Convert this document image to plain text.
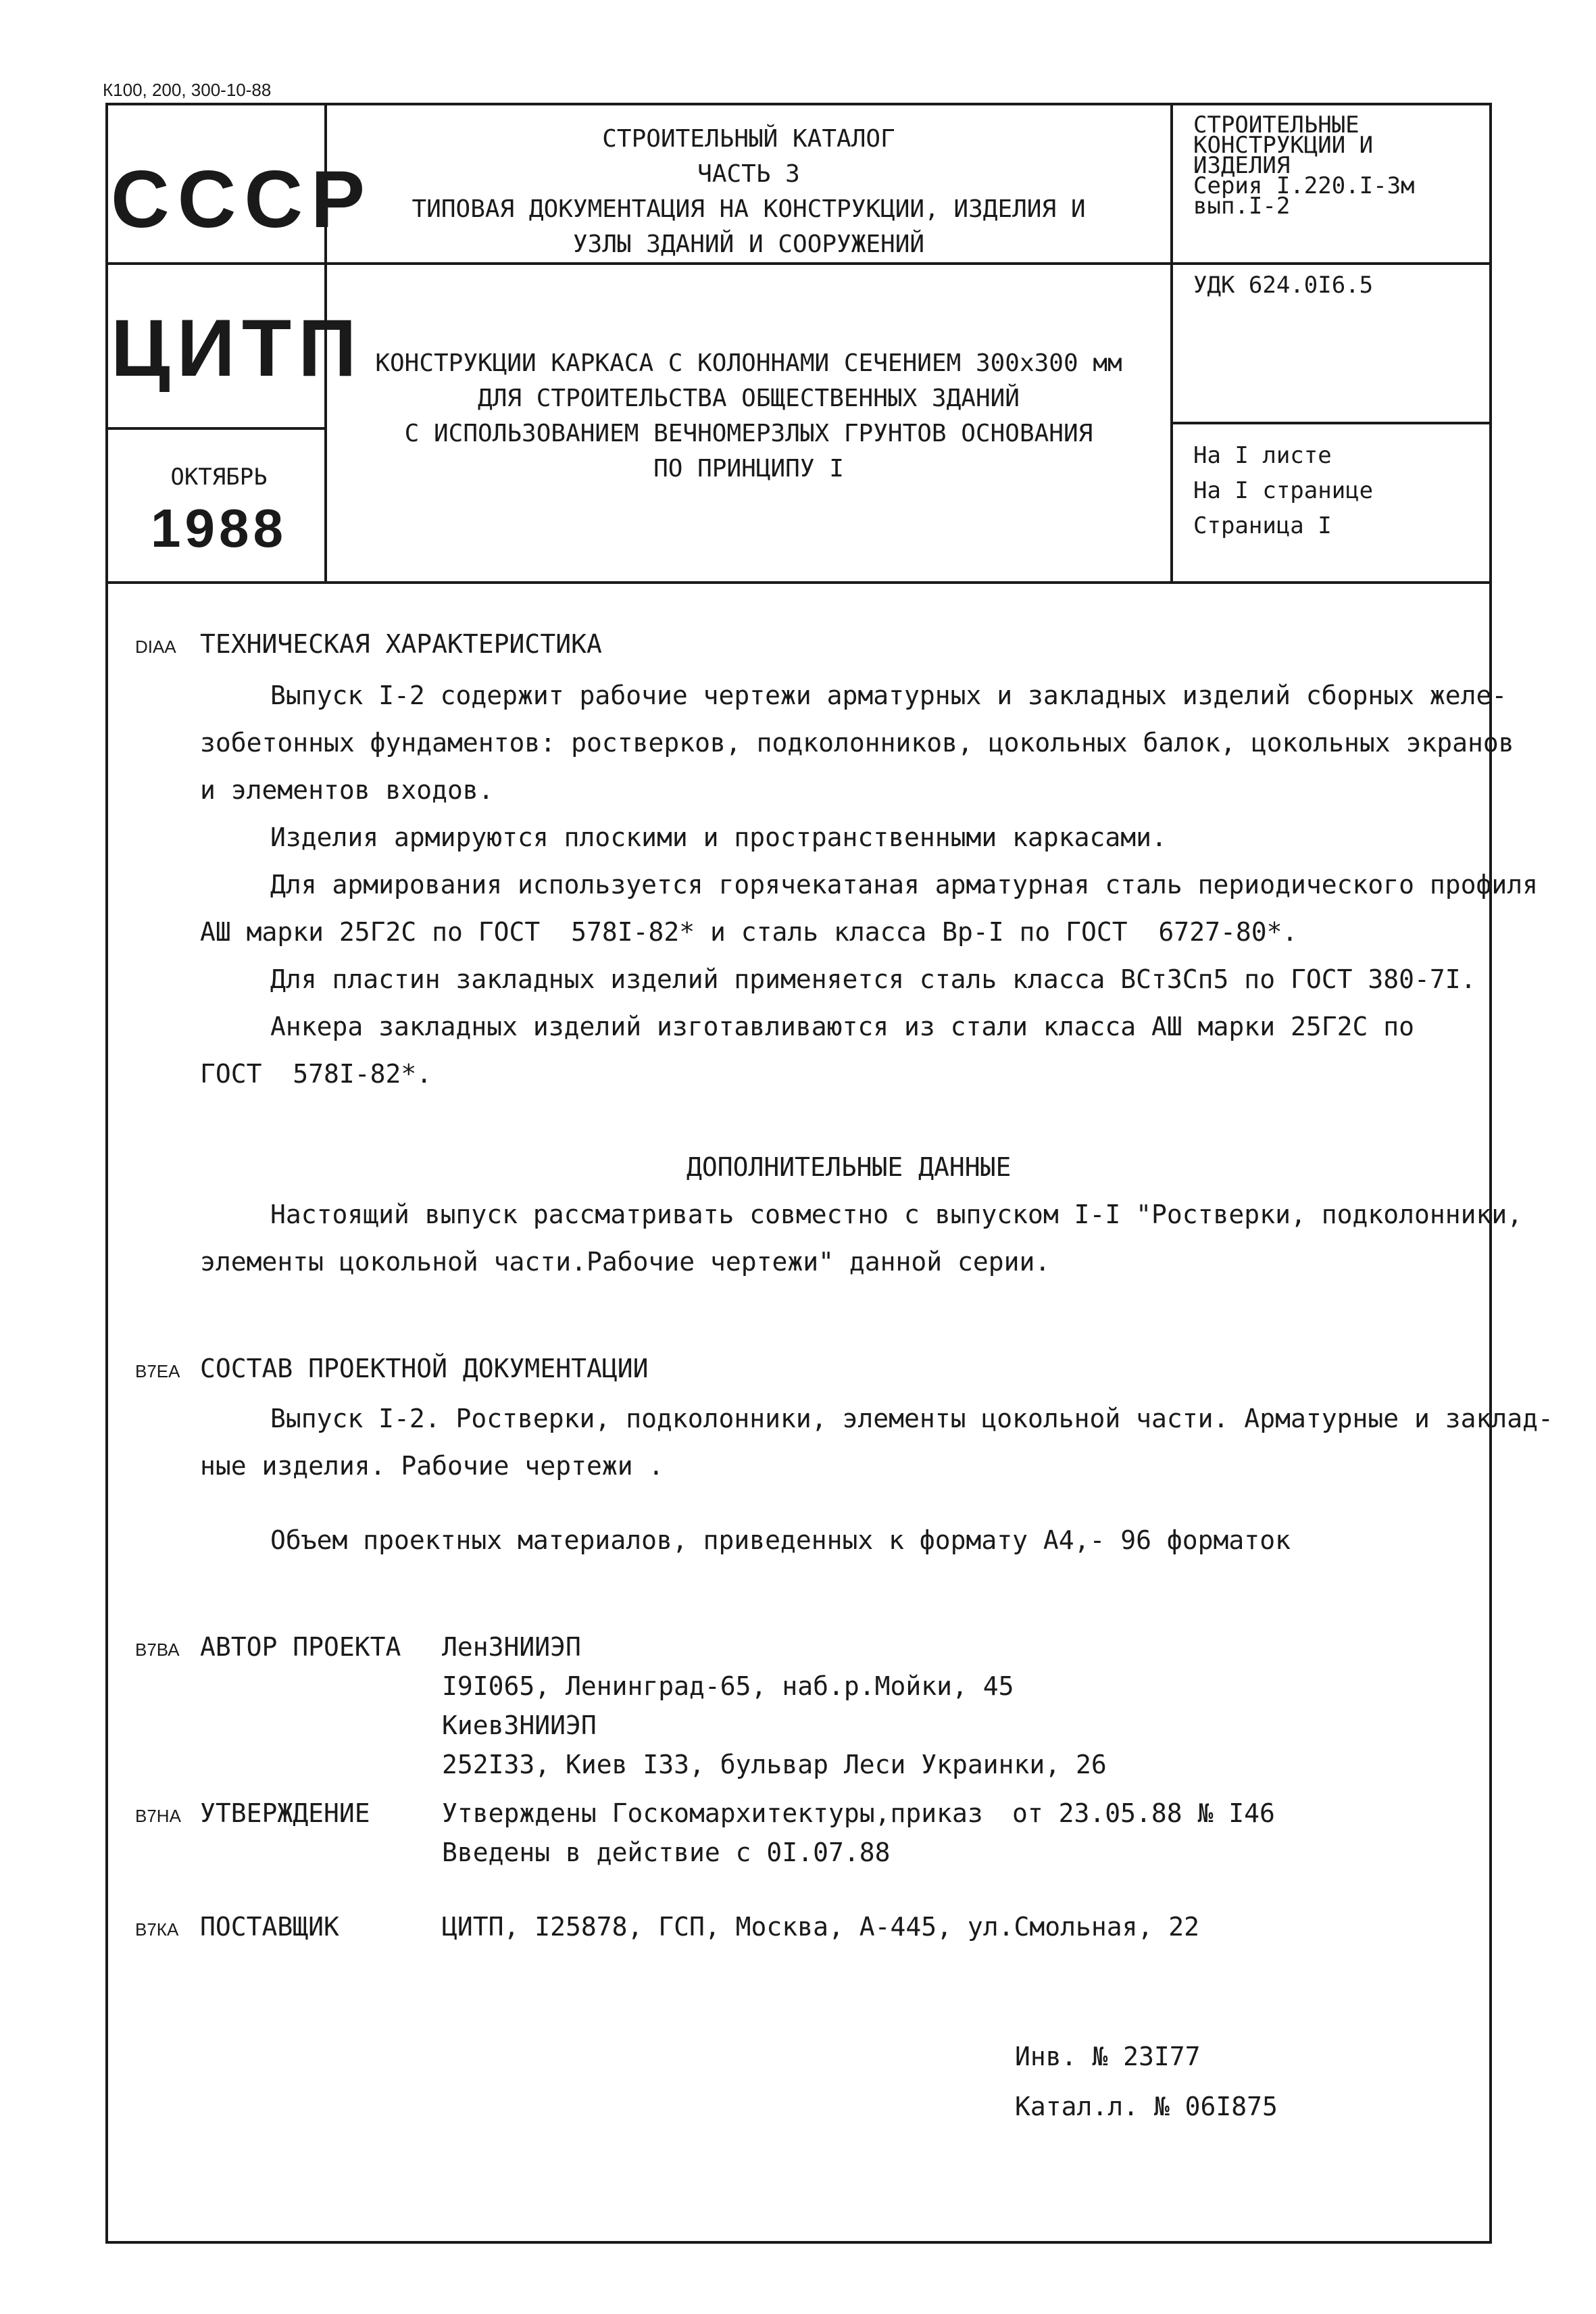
К100, 200, 300-10-88
СССР
ЦИТП
ОКТЯБРЬ
1988
СТРОИТЕЛЬНЫЙ КАТАЛОГ
ЧАСТЬ 3
ТИПОВАЯ ДОКУМЕНТАЦИЯ НА КОНСТРУКЦИИ, ИЗДЕЛИЯ И
УЗЛЫ ЗДАНИЙ И СООРУЖЕНИЙ
КОНСТРУКЦИИ КАРКАСА С КОЛОННАМИ СЕЧЕНИЕМ 300х300 мм
ДЛЯ СТРОИТЕЛЬСТВА ОБЩЕСТВЕННЫХ ЗДАНИЙ
С ИСПОЛЬЗОВАНИЕМ ВЕЧНОМЕРЗЛЫХ ГРУНТОВ ОСНОВАНИЯ
ПО ПРИНЦИПУ I
СТРОИТЕЛЬНЫЕ
КОНСТРУКЦИИ И
ИЗДЕЛИЯ
Серия I.220.I-3м
вып.I-2
УДК 624.0I6.5
На I листе
На I странице
Страница I
DIAA ТЕХНИЧЕСКАЯ ХАРАКТЕРИСТИКА
Выпуск I-2 содержит рабочие чертежи арматурных и закладных изделий сборных желе-
зобетонных фундаментов: ростверков, подколонников, цокольных балок, цокольных экранов
и элементов входов.
Изделия армируются плоскими и пространственными каркасами.
Для армирования используется горячекатаная арматурная сталь периодического профиля
АШ марки 25Г2С по ГОСТ  578I-82* и сталь класса Вр-I по ГОСТ  6727-80*.
Для пластин закладных изделий применяется сталь класса ВСт3Сп5 по ГОСТ 380-7I.
Анкера закладных изделий изготавливаются из стали класса АШ марки 25Г2С по
ГОСТ  578I-82*.
ДОПОЛНИТЕЛЬНЫЕ ДАННЫЕ
Настоящий выпуск рассматривать совместно с выпуском I-I "Ростверки, подколонники,
элементы цокольной части.Рабочие чертежи" данной серии.
В7ЕА СОСТАВ ПРОЕКТНОЙ ДОКУМЕНТАЦИИ
Выпуск I-2. Ростверки, подколонники, элементы цокольной части. Арматурные и заклад-
ные изделия. Рабочие чертежи .
Объем проектных материалов, приведенных к формату А4,- 96 форматок
В7ВА АВТОР ПРОЕКТА ЛенЗНИИЭП
I9I065, Ленинград-65, наб.р.Мойки, 45
КиевЗНИИЭП
252I33, Киев I33, бульвар Леси Украинки, 26
В7НА УТВЕРЖДЕНИЕ	Утверждены Госкомархитектуры,приказ
Введены в действие с 0I.07.88
от 23.05.88 № I46
В7КА ПОСТАВЩИК	ЦИТП, I25878, ГСП, Москва, А-445, ул.Смольная, 22
Инв. № 23I77
Катал.л. № 06I875
